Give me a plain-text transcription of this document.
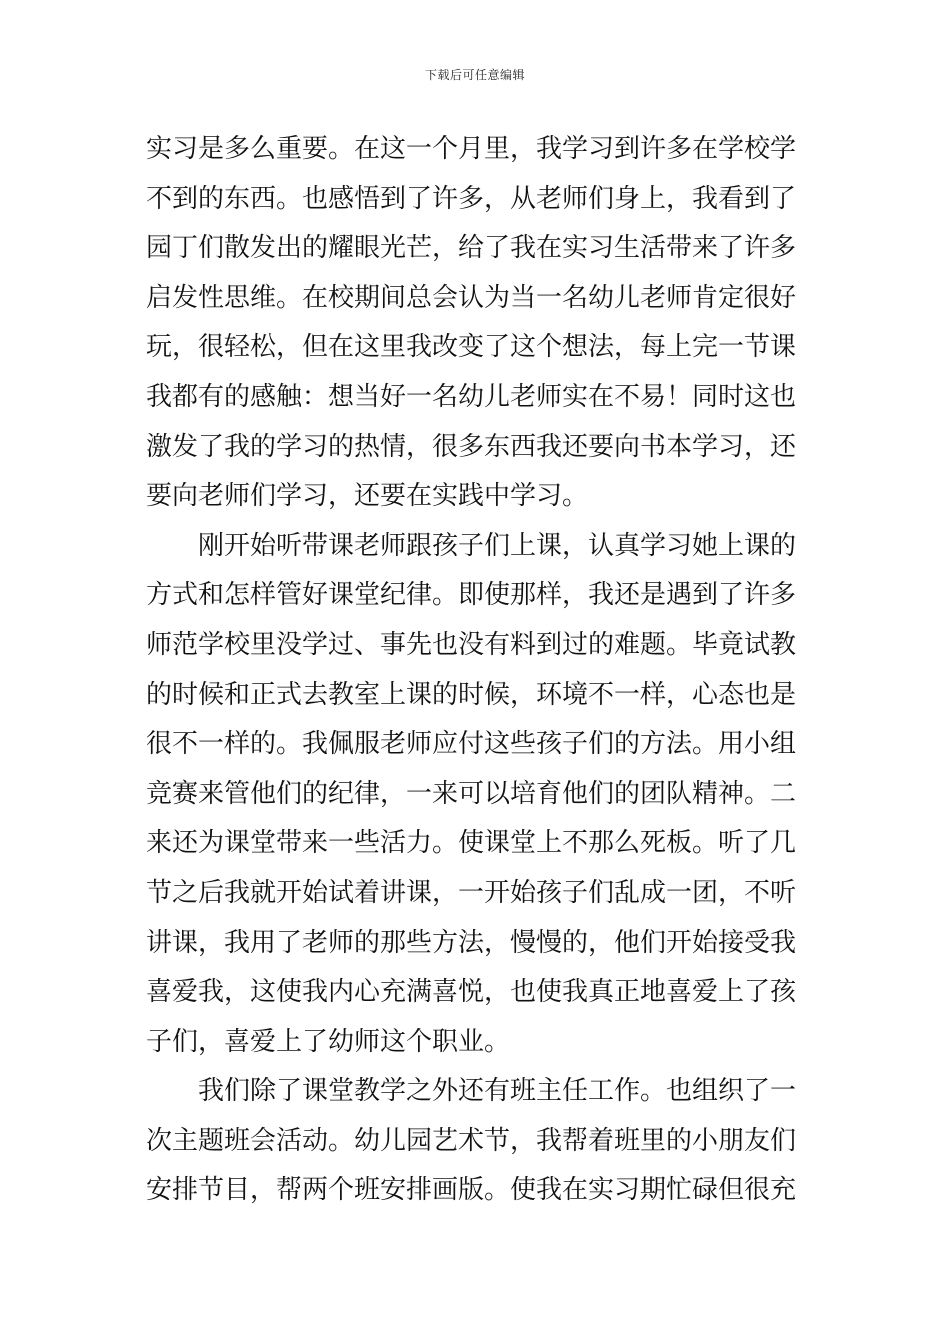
下载后可任意编辑
实习是多么重要。在这一个月里，我学习到许多在学校学
不到的东西。也感悟到了许多，从老师们身上，我看到了
园丁们散发出的耀眼光芒，给了我在实习生活带来了许多
启发性思维。在校期间总会认为当一名幼儿老师肯定很好
玩，很轻松，但在这里我改变了这个想法，每上完一节课
我都有的感触：想当好一名幼儿老师实在不易！同时这也
激发了我的学习的热情，很多东西我还要向书本学习，还
要向老师们学习，还要在实践中学习。
刚开始听带课老师跟孩子们上课，认真学习她上课的
方式和怎样管好课堂纪律。即使那样，我还是遇到了许多
师范学校里没学过、事先也没有料到过的难题。毕竟试教
的时候和正式去教室上课的时候，环境不一样，心态也是
很不一样的。我佩服老师应付这些孩子们的方法。用小组
竞赛来管他们的纪律，一来可以培育他们的团队精神。二
来还为课堂带来一些活力。使课堂上不那么死板。听了几
节之后我就开始试着讲课，一开始孩子们乱成一团，不听
讲课，我用了老师的那些方法，慢慢的，他们开始接受我
喜爱我，这使我内心充满喜悦，也使我真正地喜爱上了孩
子们，喜爱上了幼师这个职业。
我们除了课堂教学之外还有班主任工作。也组织了一
次主题班会活动。幼儿园艺术节，我帮着班里的小朋友们
安排节目，帮两个班安排画版。使我在实习期忙碌但很充
